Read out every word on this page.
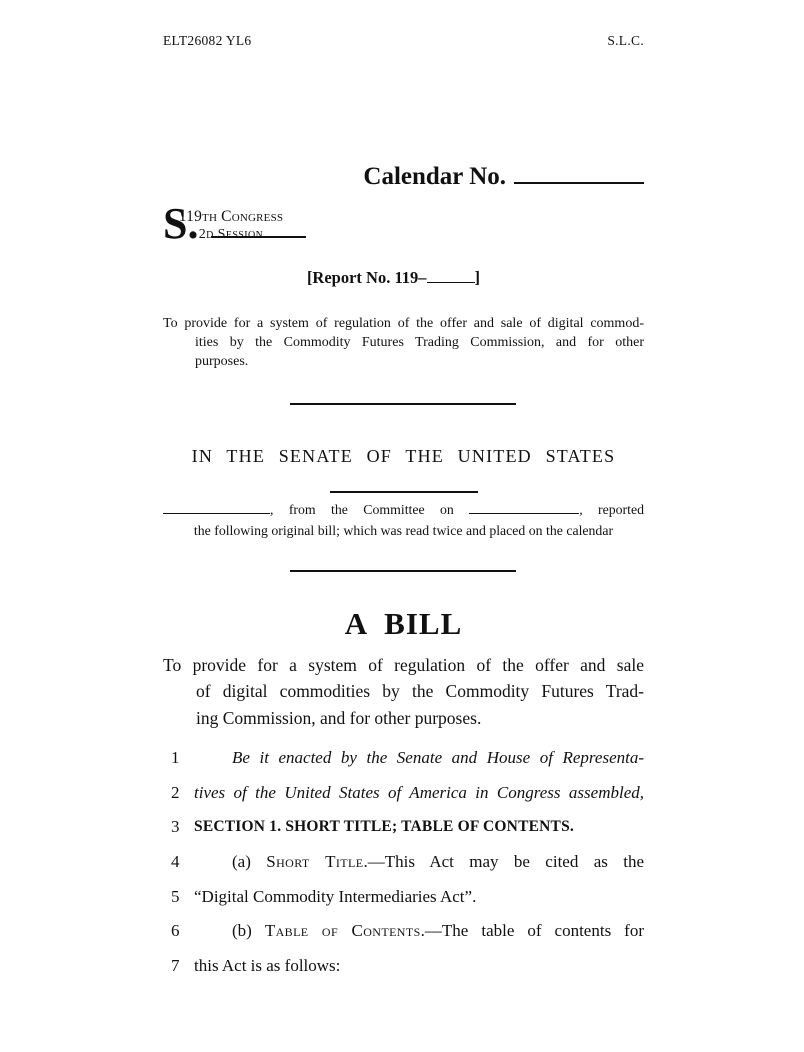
ELT26082 YL6	S.L.C.
Calendar No.
119th Congress
2d Session
S.
[Report No. 119–	]
To provide for a system of regulation of the offer and sale of digital commod-
ities by the Commodity Futures Trading Commission, and for other
purposes.
IN THE SENATE OF THE UNITED STATES
, from the Committee on	, reported
the following original bill; which was read twice and placed on the calendar
A BILL
To provide for a system of regulation of the offer and sale
of digital commodities by the Commodity Futures Trad-
ing Commission, and for other purposes.
1	Be it enacted by the Senate and House of Representa-
2 tives of the United States of America in Congress assembled,
3 SECTION 1. SHORT TITLE; TABLE OF CONTENTS.
4	(a) Short Title.—This Act may be cited as the
5 “Digital Commodity Intermediaries Act”.
6	(b) Table of Contents.—The table of contents for
7 this Act is as follows:
